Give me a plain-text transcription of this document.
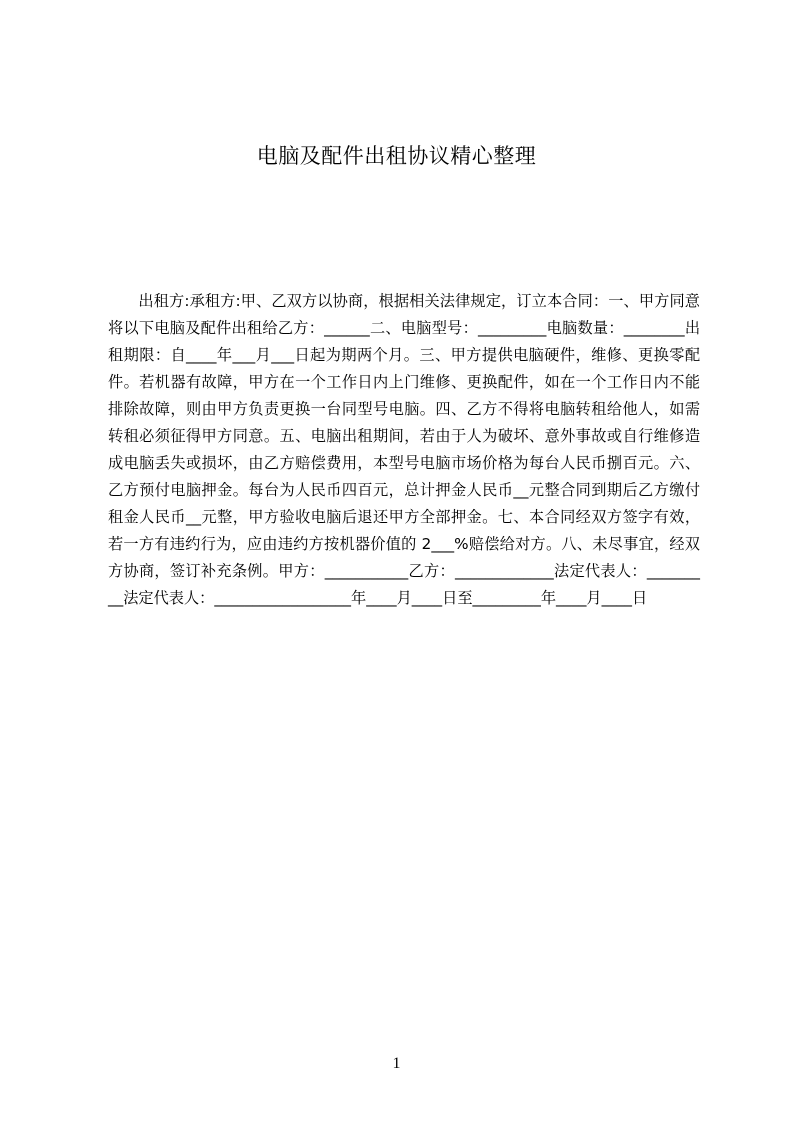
电脑及配件出租协议精心整理

出租方:承租方:甲、乙双方以协商，根据相关法律规定，订立本合同：一、甲方同意将以下电脑及配件出租给乙方：______二、电脑型号：_________电脑数量：________出租期限：自____年___月___日起为期两个月。三、甲方提供电脑硬件，维修、更换零配件。若机器有故障，甲方在一个工作日内上门维修、更换配件，如在一个工作日内不能排除故障，则由甲方负责更换一台同型号电脑。四、乙方不得将电脑转租给他人，如需转租必须征得甲方同意。五、电脑出租期间，若由于人为破坏、意外事故或自行维修造成电脑丢失或损坏，由乙方赔偿费用，本型号电脑市场价格为每台人民币捌百元。六、乙方预付电脑押金。每台为人民币四百元，总计押金人民币__元整合同到期后乙方缴付租金人民币__元整，甲方验收电脑后退还甲方全部押金。七、本合同经双方签字有效，若一方有违约行为，应由违约方按机器价值的 2___%赔偿给对方。八、未尽事宜，经双方协商，签订补充条例。甲方：___________乙方：_____________法定代表人：_________法定代表人：__________________年____月____日至_________年____月____日

1
